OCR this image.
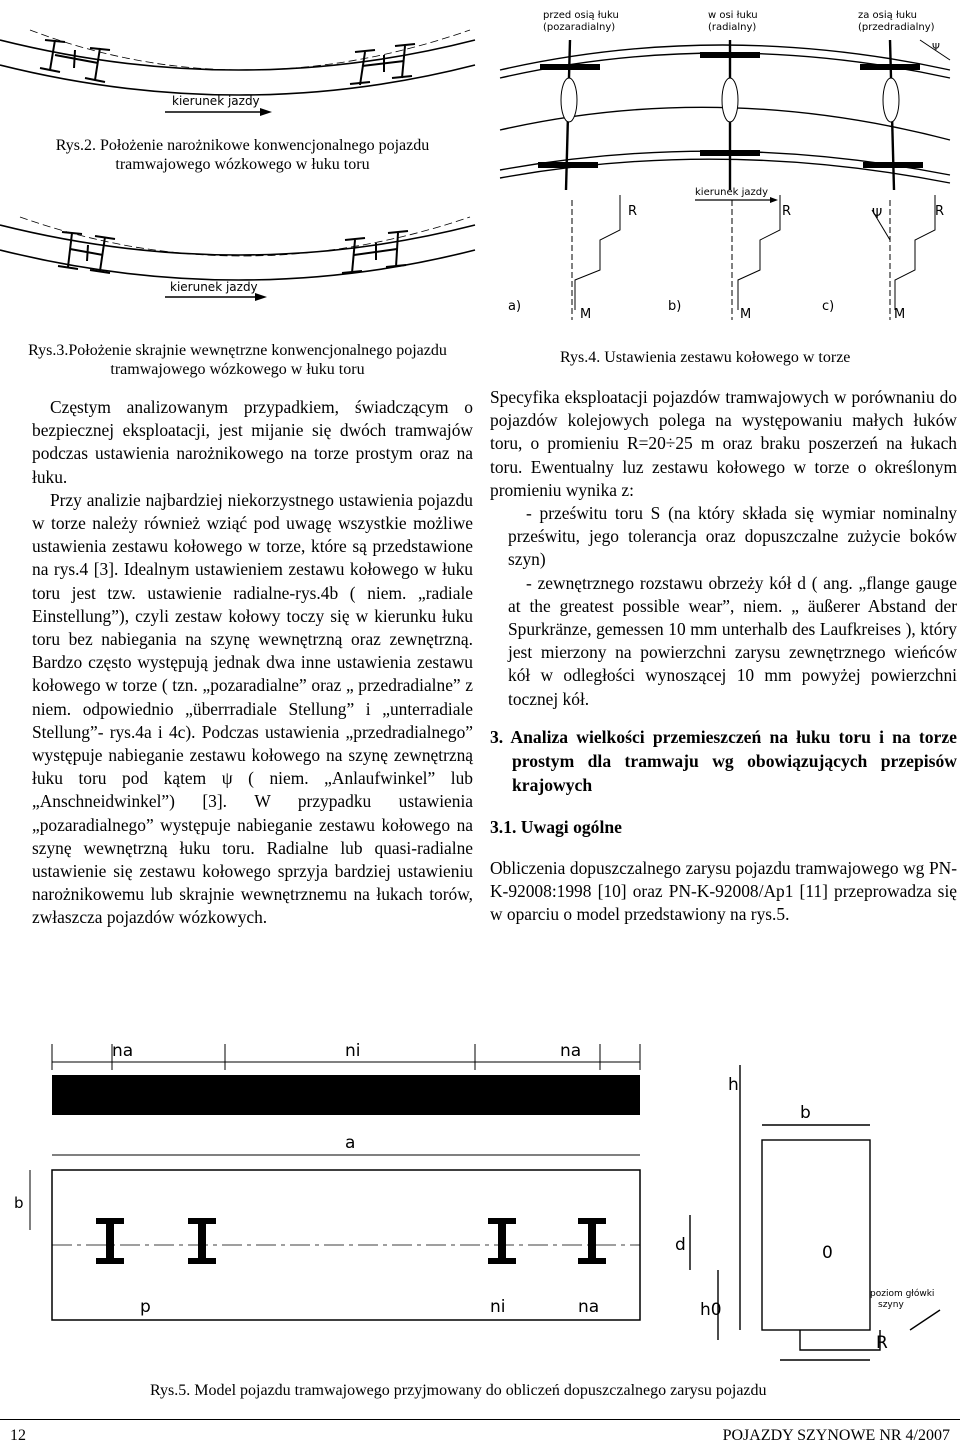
kierunek jazdy
Rys.2. Położenie narożnikowe konwencjonalnego pojazdu tramwajowego wózkowego w łuku toru
kierunek jazdy
Rys.3.Położenie skrajnie wewnętrzne konwencjonalnego pojazdu tramwajowego wózkowego w łuku toru
przed osią łuku
(pozaradialny)
w osi łuku
(radialny)
za osią łuku
(przedradialny)
Ψ
kierunek jazdy
R	R	R
Ψ
M	M	M
a)	b)	c)
Rys.4. Ustawienia zestawu kołowego w torze

Częstym analizowanym przypadkiem, świadczącym o bezpiecznej eksploatacji, jest mijanie się dwóch tramwajów podczas ustawienia narożnikowego na torze prostym oraz na łuku.

Przy analizie najbardziej niekorzystnego ustawienia pojazdu w torze należy również wziąć pod uwagę wszystkie możliwe ustawienia zestawu kołowego w torze, które są przedstawione na rys.4 [3]. Idealnym ustawieniem zestawu kołowego w łuku toru jest tzw. ustawienie radialne-rys.4b ( niem. „radiale Einstellung”), czyli zestaw kołowy toczy się w kierunku łuku toru bez nabiegania na szynę wewnętrzną oraz zewnętrzną. Bardzo często występują jednak dwa inne ustawienia zestawu kołowego w torze ( tzn. „pozaradialne” oraz „ przedradialne” z niem. odpowiednio „überrradiale Stellung” i „unterradiale Stellung”- rys.4a i 4c). Podczas ustawienia „przedradialnego” występuje nabieganie zestawu kołowego na szynę zewnętrzną łuku toru pod kątem ψ ( niem. „Anlaufwinkel” lub „Anschneidwinkel”) [3]. W przypadku ustawienia „pozaradialnego” występuje nabieganie zestawu kołowego na szynę wewnętrzną łuku toru. Radialne lub quasi-radialne ustawienie się zestawu kołowego sprzyja bardziej ustawieniu narożnikowemu lub skrajnie wewnętrznemu na łukach torów, zwłaszcza pojazdów wózkowych.

Specyfika eksploatacji pojazdów tramwajowych w porównaniu do pojazdów kolejowych polega na występowaniu małych łuków toru, o promieniu R=20÷25 m oraz braku poszerzeń na łukach toru. Ewentualny luz zestawu kołowego w torze o określonym promieniu wynika z:

- prześwitu toru S (na który składa się wymiar nominalny prześwitu, jego tolerancja oraz dopuszczalne zużycie boków szyn)

- zewnętrznego rozstawu obrzeży kół d ( ang. „flange gauge at the greatest possible wear”, niem. „ äußerer Abstand der Spurkränze, gemessen 10 mm unterhalb des Laufkreises ), który jest mierzony na powierzchni zarysu zewnętrznego wieńców kół w odległości wynoszącej 10 mm powyżej powierzchni tocznej kół.

3. Analiza wielkości przemieszczeń na łuku toru i na torze prostym dla tramwaju wg obowiązujących przepisów krajowych
3.1. Uwagi ogólne

Obliczenia dopuszczalnego zarysu pojazdu tramwajowego wg PN-K-92008:1998 [10] oraz PN-K-92008/Ap1 [11] przeprowadza się w oparciu o model przedstawiony na rys.5.

na	ni	na
a
b
p	ni	na
h
b
d	0
h0
R
poziom główki
szyny
Rys.5. Model pojazdu tramwajowego przyjmowany do obliczeń dopuszczalnego zarysu pojazdu
12	POJAZDY SZYNOWE NR 4/2007
